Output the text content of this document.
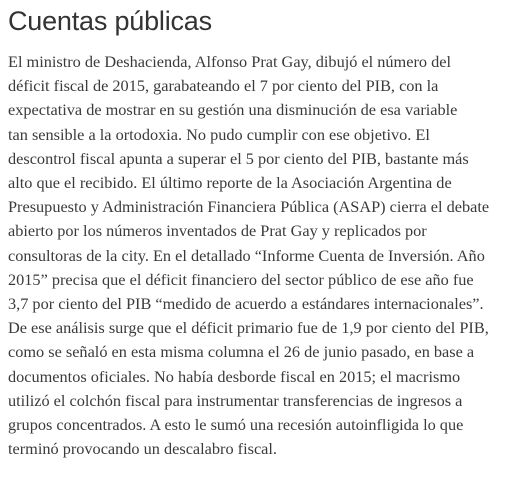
Cuentas públicas

El ministro de Deshacienda, Alfonso Prat Gay, dibujó el número del
déficit fiscal de 2015, garabateando el 7 por ciento del PIB, con la
expectativa de mostrar en su gestión una disminución de esa variable
tan sensible a la ortodoxia. No pudo cumplir con ese objetivo. El
descontrol fiscal apunta a superar el 5 por ciento del PIB, bastante más
alto que el recibido. El último reporte de la Asociación Argentina de
Presupuesto y Administración Financiera Pública (ASAP) cierra el debate
abierto por los números inventados de Prat Gay y replicados por
consultoras de la city. En el detallado “Informe Cuenta de Inversión. Año
2015” precisa que el déficit financiero del sector público de ese año fue
3,7 por ciento del PIB “medido de acuerdo a estándares internacionales”.
De ese análisis surge que el déficit primario fue de 1,9 por ciento del PIB,
como se señaló en esta misma columna el 26 de junio pasado, en base a
documentos oficiales. No había desborde fiscal en 2015; el macrismo
utilizó el colchón fiscal para instrumentar transferencias de ingresos a
grupos concentrados. A esto le sumó una recesión autoinfligida lo que
terminó provocando un descalabro fiscal.
